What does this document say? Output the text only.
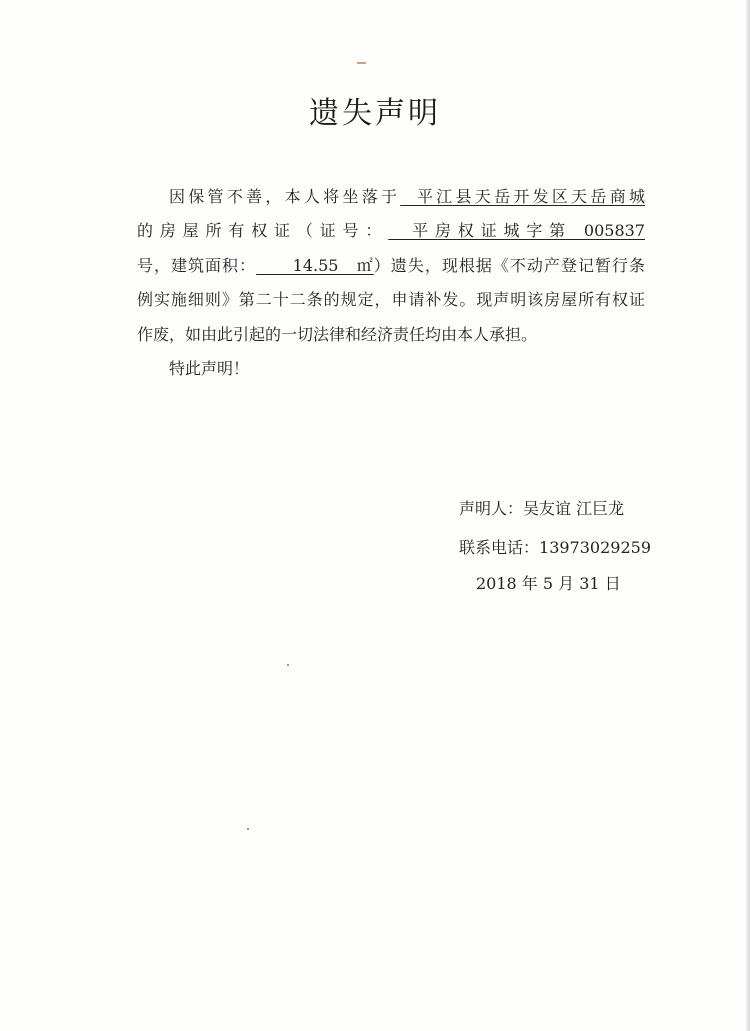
遗失声明
因保管不善，本人将坐落于  平江县天岳开发区天岳商城
的房屋所有权证（证号：  平房权证城字第 005837
号，建筑面积：      14.55   ㎡）遗失，现根据《不动产登记暂行条
例实施细则》第二十二条的规定，申请补发。现声明该房屋所有权证
作废，如由此引起的一切法律和经济责任均由本人承担。
特此声明！
声明人：吴友谊 江巨龙
联系电话：13973029259
2018 年 5 月 31 日
